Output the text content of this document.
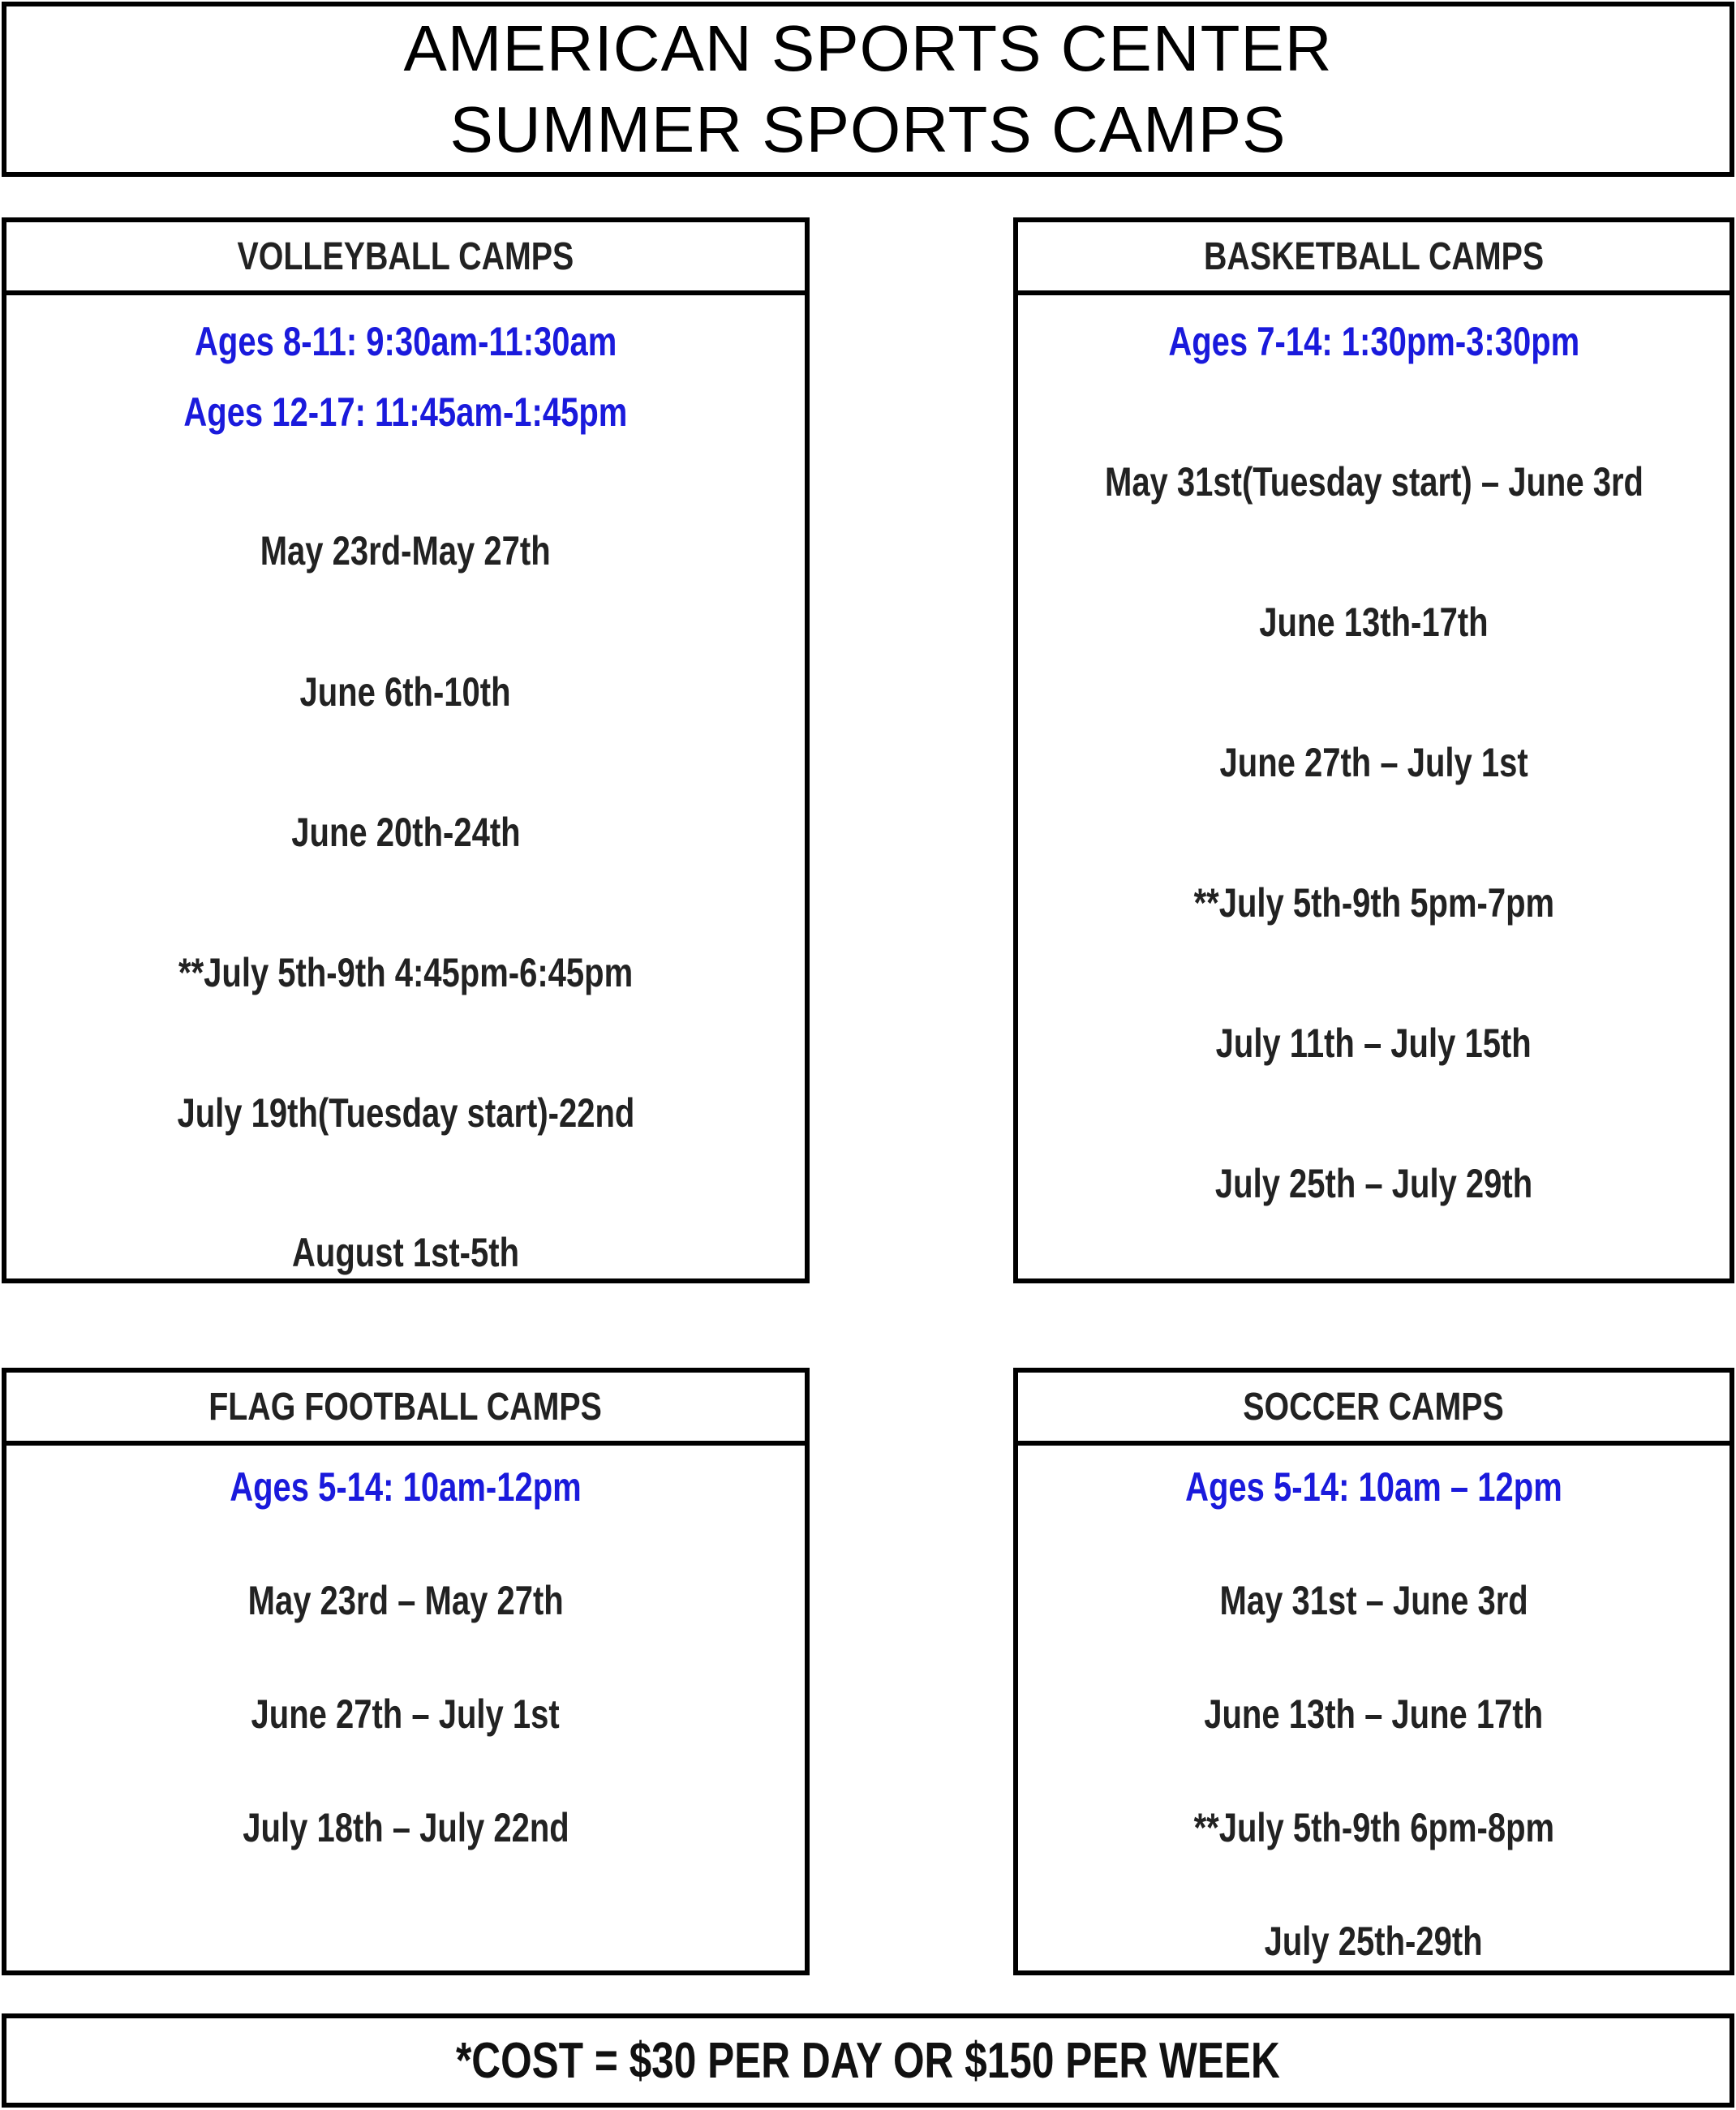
AMERICAN SPORTS CENTER
SUMMER SPORTS CAMPS
VOLLEYBALL CAMPS
Ages 8-11: 9:30am-11:30am
Ages 12-17: 11:45am-1:45pm
May 23rd-May 27th
June 6th-10th
June 20th-24th
**July 5th-9th 4:45pm-6:45pm
July 19th(Tuesday start)-22nd
August 1st-5th
BASKETBALL CAMPS
Ages 7-14: 1:30pm-3:30pm
May 31st(Tuesday start) – June 3rd
June 13th-17th
June 27th – July 1st
**July 5th-9th 5pm-7pm
July 11th – July 15th
July 25th – July 29th
FLAG FOOTBALL CAMPS
Ages 5-14: 10am-12pm
May 23rd – May 27th
June 27th – July 1st
July 18th – July 22nd
SOCCER CAMPS
Ages 5-14: 10am – 12pm
May 31st – June 3rd
June 13th – June 17th
**July 5th-9th 6pm-8pm
July 25th-29th
*COST = $30 PER DAY OR $150 PER WEEK
